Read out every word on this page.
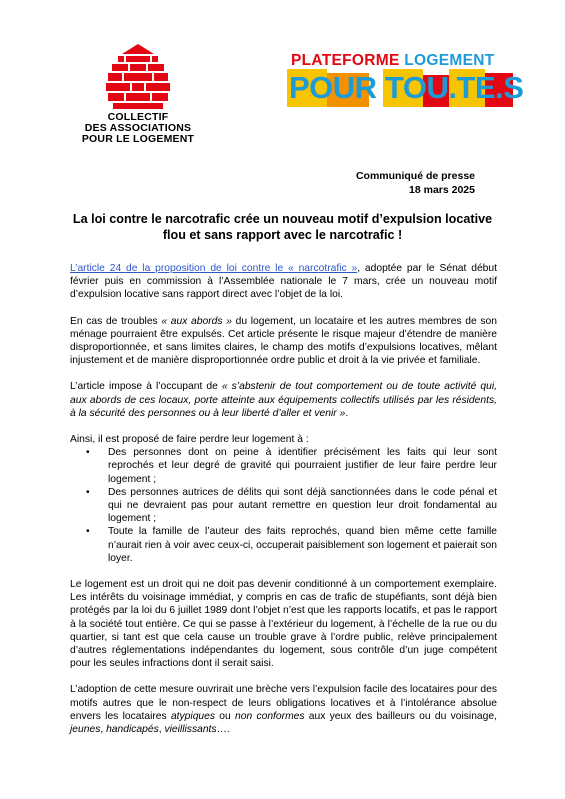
COLLECTIF
DES ASSOCIATIONS
POUR LE LOGEMENT
PLATEFORME LOGEMENT
POUR TOU.TE.S
Communiqué de presse
18 mars 2025
La loi contre le narcotrafic crée un nouveau motif d’expulsion locative
flou et sans rapport avec le narcotrafic !

L’article 24 de la proposition de loi contre le « narcotrafic », adoptée par le Sénat début février puis en commission à l’Assemblée nationale le 7 mars, crée un nouveau motif d’expulsion locative sans rapport direct avec l’objet de la loi.

En cas de troubles « aux abords » du logement, un locataire et les autres membres de son ménage pourraient être expulsés. Cet article présente le risque majeur d’étendre de manière disproportionnée, et sans limites claires, le champ des motifs d’expulsions locatives, mêlant injustement et de manière disproportionnée ordre public et droit à la vie privée et familiale.

L’article impose à l’occupant de « s’abstenir de tout comportement ou de toute activité qui, aux abords de ces locaux, porte atteinte aux équipements collectifs utilisés par les résidents, à la sécurité des personnes ou à leur liberté d’aller et venir ».

Ainsi, il est proposé de faire perdre leur logement à :
• Des personnes dont on peine à identifier précisément les faits qui leur sont reprochés et leur degré de gravité qui pourraient justifier de leur faire perdre leur logement ;
• Des personnes autrices de délits qui sont déjà sanctionnées dans le code pénal et qui ne devraient pas pour autant remettre en question leur droit fondamental au logement ;
• Toute la famille de l’auteur des faits reprochés, quand bien même cette famille n’aurait rien à voir avec ceux-ci, occuperait paisiblement son logement et paierait son loyer.

Le logement est un droit qui ne doit pas devenir conditionné à un comportement exemplaire. Les intérêts du voisinage immédiat, y compris en cas de trafic de stupéfiants, sont déjà bien protégés par la loi du 6 juillet 1989 dont l’objet n’est que les rapports locatifs, et pas le rapport à la société tout entière. Ce qui se passe à l’extérieur du logement, à l’échelle de la rue ou du quartier, si tant est que cela cause un trouble grave à l’ordre public, relève principalement d’autres réglementations indépendantes du logement, sous contrôle d’un juge compétent pour les seules infractions dont il serait saisi.

L’adoption de cette mesure ouvrirait une brèche vers l’expulsion facile des locataires pour des motifs autres que le non-respect de leurs obligations locatives et à l’intolérance absolue envers les locataires atypiques ou non conformes aux yeux des bailleurs ou du voisinage, jeunes, handicapés, vieillissants….
